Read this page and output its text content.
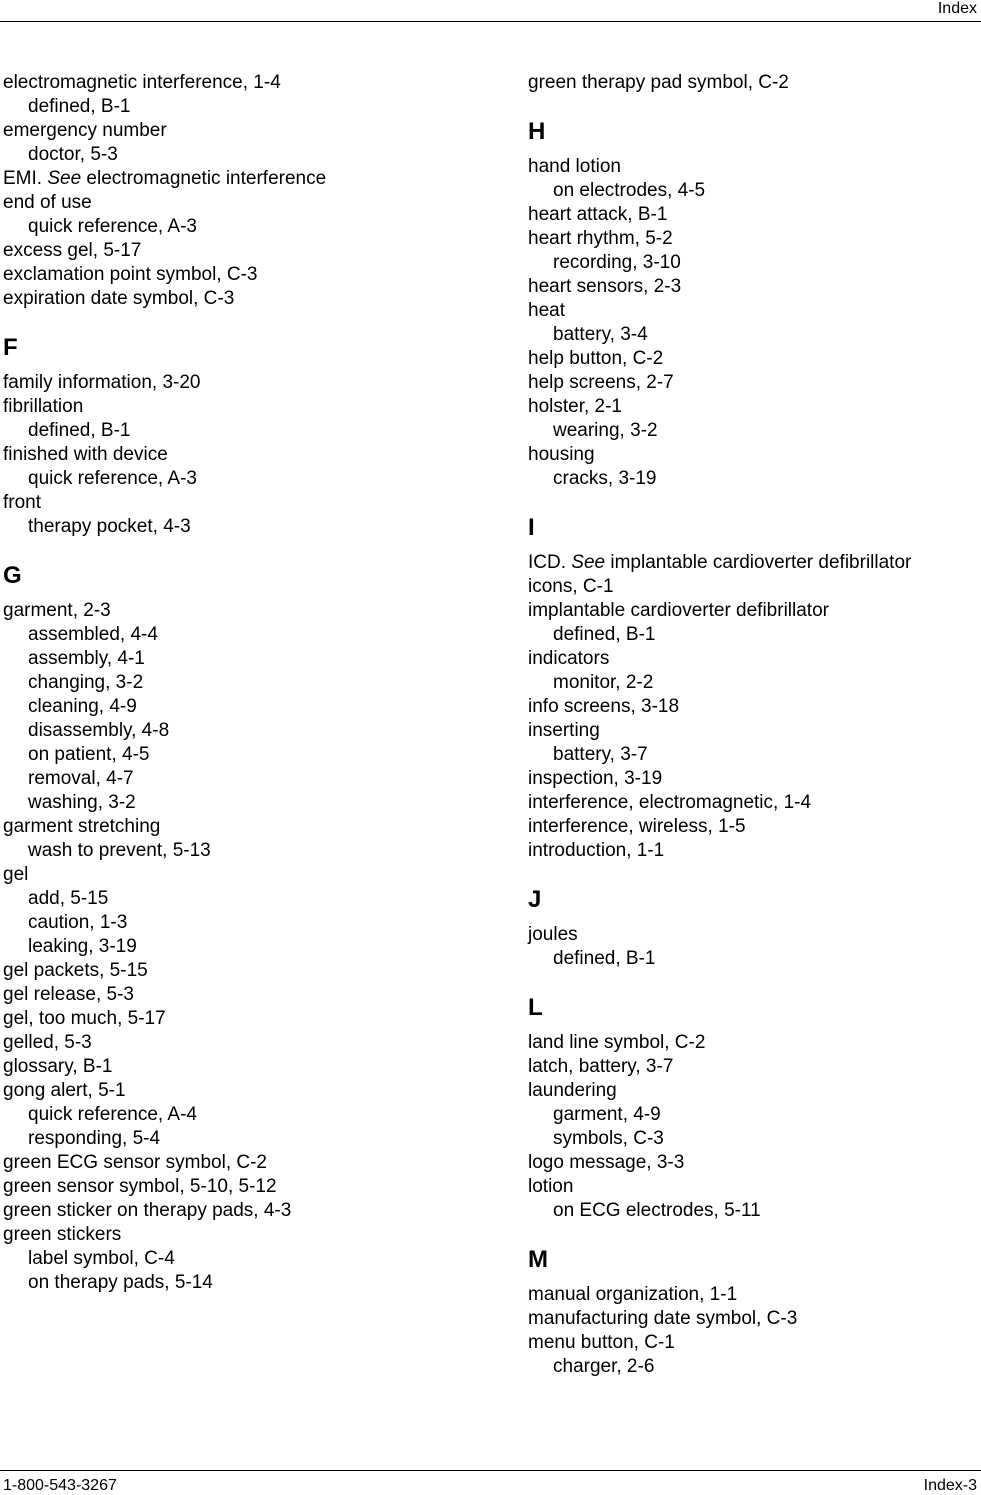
Index
electromagnetic interference, 1-4
defined, B-1
emergency number
doctor, 5-3
EMI. See electromagnetic interference
end of use
quick reference, A-3
excess gel, 5-17
exclamation point symbol, C-3
expiration date symbol, C-3
F
family information, 3-20
fibrillation
defined, B-1
finished with device
quick reference, A-3
front
therapy pocket, 4-3
G
garment, 2-3
assembled, 4-4
assembly, 4-1
changing, 3-2
cleaning, 4-9
disassembly, 4-8
on patient, 4-5
removal, 4-7
washing, 3-2
garment stretching
wash to prevent, 5-13
gel
add, 5-15
caution, 1-3
leaking, 3-19
gel packets, 5-15
gel release, 5-3
gel, too much, 5-17
gelled, 5-3
glossary, B-1
gong alert, 5-1
quick reference, A-4
responding, 5-4
green ECG sensor symbol, C-2
green sensor symbol, 5-10, 5-12
green sticker on therapy pads, 4-3
green stickers
label symbol, C-4
on therapy pads, 5-14
green therapy pad symbol, C-2
H
hand lotion
on electrodes, 4-5
heart attack, B-1
heart rhythm, 5-2
recording, 3-10
heart sensors, 2-3
heat
battery, 3-4
help button, C-2
help screens, 2-7
holster, 2-1
wearing, 3-2
housing
cracks, 3-19
I
ICD. See implantable cardioverter defibrillator
icons, C-1
implantable cardioverter defibrillator
defined, B-1
indicators
monitor, 2-2
info screens, 3-18
inserting
battery, 3-7
inspection, 3-19
interference, electromagnetic, 1-4
interference, wireless, 1-5
introduction, 1-1
J
joules
defined, B-1
L
land line symbol, C-2
latch, battery, 3-7
laundering
garment, 4-9
symbols, C-3
logo message, 3-3
lotion
on ECG electrodes, 5-11
M
manual organization, 1-1
manufacturing date symbol, C-3
menu button, C-1
charger, 2-6
1-800-543-3267	Index-3
